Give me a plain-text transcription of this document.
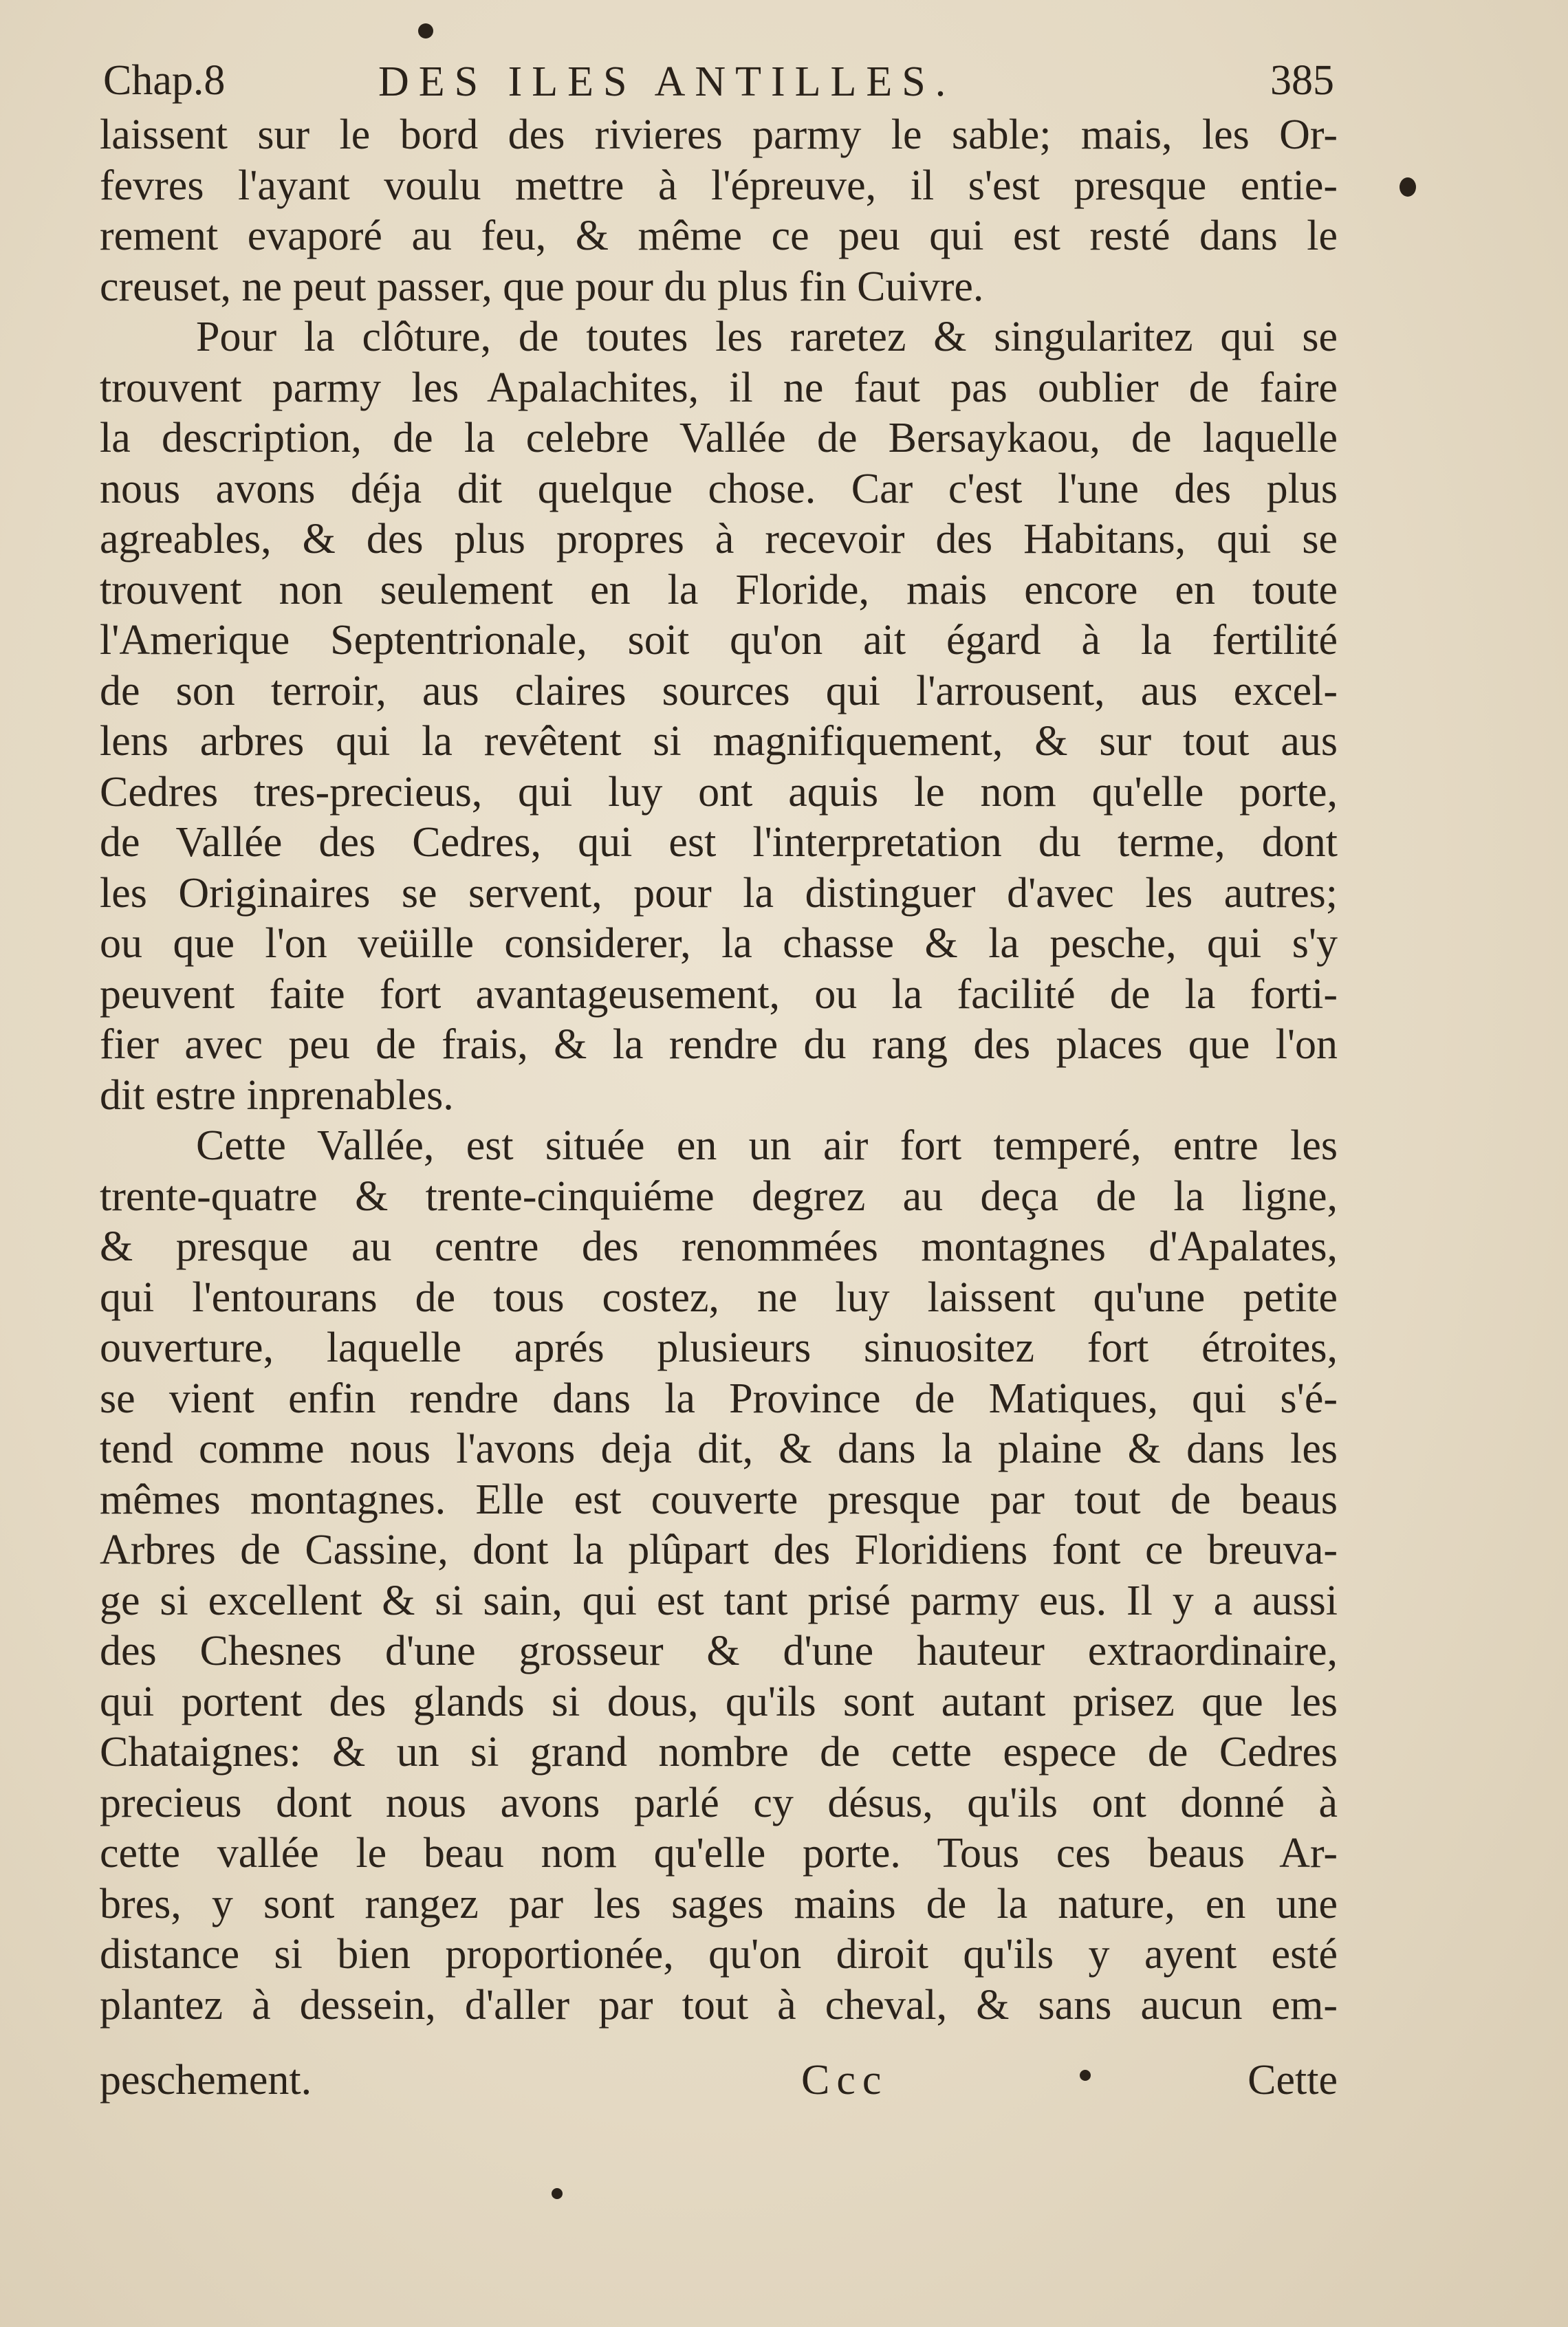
Chap.8	DES ILES ANTILLES.	385
laissent sur le bord des rivieres parmy le sable; mais, les Or-
fevres l'ayant voulu mettre à l'épreuve, il s'est presque entie-
rement evaporé au feu, & même ce peu qui est resté dans le
creuset, ne peut passer, que pour du plus fin Cuivre.
Pour la clôture, de toutes les raretez & singularitez qui se
trouvent parmy les Apalachites, il ne faut pas oublier de faire
la description, de la celebre Vallée de Bersaykaou, de laquelle
nous avons déja dit quelque chose. Car c'est l'une des plus
agreables, & des plus propres à recevoir des Habitans, qui se
trouvent non seulement en la Floride, mais encore en toute
l'Amerique Septentrionale, soit qu'on ait égard à la fertilité
de son terroir, aus claires sources qui l'arrousent, aus excel-
lens arbres qui la revêtent si magnifiquement, & sur tout aus
Cedres tres-precieus, qui luy ont aquis le nom qu'elle porte,
de Vallée des Cedres, qui est l'interpretation du terme, dont
les Originaires se servent, pour la distinguer d'avec les autres;
ou que l'on veüille considerer, la chasse & la pesche, qui s'y
peuvent faite fort avantageusement, ou la facilité de la forti-
fier avec peu de frais, & la rendre du rang des places que l'on
dit estre inprenables.
Cette Vallée, est située en un air fort temperé, entre les
trente-quatre & trente-cinquiéme degrez au deça de la ligne,
& presque au centre des renommées montagnes d'Apalates,
qui l'entourans de tous costez, ne luy laissent qu'une petite
ouverture, laquelle aprés plusieurs sinuositez fort étroites,
se vient enfin rendre dans la Province de Matiques, qui s'é-
tend comme nous l'avons deja dit, & dans la plaine & dans les
mêmes montagnes. Elle est couverte presque par tout de beaus
Arbres de Cassine, dont la plûpart des Floridiens font ce breuva-
ge si excellent & si sain, qui est tant prisé parmy eus. Il y a aussi
des Chesnes d'une grosseur & d'une hauteur extraordinaire,
qui portent des glands si dous, qu'ils sont autant prisez que les
Chataignes: & un si grand nombre de cette espece de Cedres
precieus dont nous avons parlé cy désus, qu'ils ont donné à
cette vallée le beau nom qu'elle porte. Tous ces beaus Ar-
bres, y sont rangez par les sages mains de la nature, en une
distance si bien proportionée, qu'on diroit qu'ils y ayent esté
plantez à dessein, d'aller par tout à cheval, & sans aucun em-
peschement.	Ccc	Cette
